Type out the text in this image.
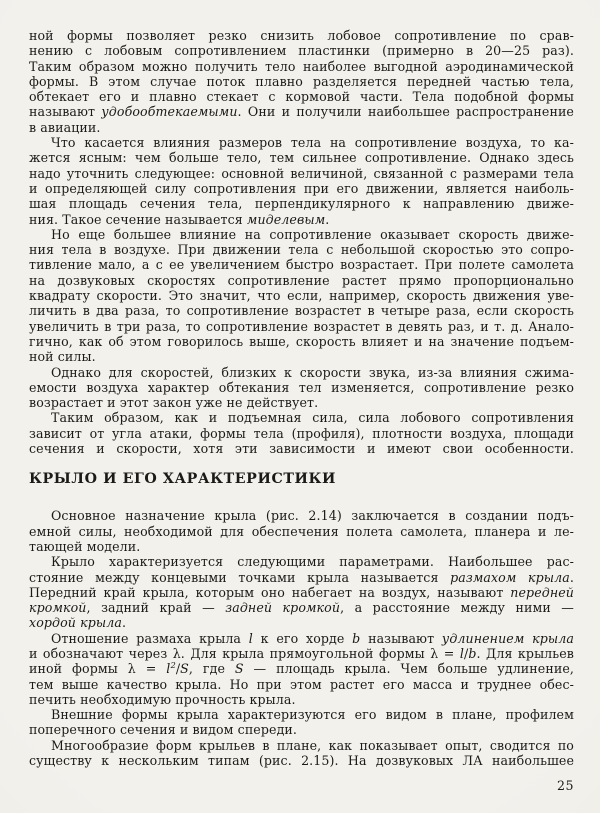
ной формы позволяет резко снизить лобовое сопротивление по срав-
нению с лобовым сопротивлением пластинки (примерно в 20—25 раз).
Таким образом можно получить тело наиболее выгодной аэродинамической
формы. В этом случае поток плавно разделяется передней частью тела,
обтекает его и плавно стекает с кормовой части. Тела подобной формы
называют удобообтекаемыми. Они и получили наибольшее распространение
в авиации.
Что касается влияния размеров тела на сопротивление воздуха, то ка-
жется ясным: чем больше тело, тем сильнее сопротивление. Однако здесь
надо уточнить следующее: основной величиной, связанной с размерами тела
и определяющей силу сопротивления при его движении, является наиболь-
шая площадь сечения тела, перпендикулярного к направлению движе-
ния. Такое сечение называется миделевым.
Но еще большее влияние на сопротивление оказывает скорость движе-
ния тела в воздухе. При движении тела с небольшой скоростью это сопро-
тивление мало, а с ее увеличением быстро возрастает. При полете самолета
на дозвуковых скоростях сопротивление растет прямо пропорционально
квадрату скорости. Это значит, что если, например, скорость движения уве-
личить в два раза, то сопротивление возрастет в четыре раза, если скорость
увеличить в три раза, то сопротивление возрастет в девять раз, и т. д. Анало-
гично, как об этом говорилось выше, скорость влияет и на значение подъем-
ной силы.
Однако для скоростей, близких к скорости звука, из-за влияния сжима-
емости воздуха характер обтекания тел изменяется, сопротивление резко
возрастает и этот закон уже не действует.
Таким образом, как и подъемная сила, сила лобового сопротивления
зависит от угла атаки, формы тела (профиля), плотности воздуха, площади
сечения и скорости, хотя эти зависимости и имеют свои особенности.
КРЫЛО И ЕГО ХАРАКТЕРИСТИКИ
Основное назначение крыла (рис. 2.14) заключается в создании подъ-
емной силы, необходимой для обеспечения полета самолета, планера и ле-
тающей модели.
Крыло характеризуется следующими параметрами. Наибольшее рас-
стояние между концевыми точками крыла называется размахом крыла.
Передний край крыла, которым оно набегает на воздух, называют передней
кромкой, задний край — задней кромкой, а расстояние между ними —
хордой крыла.
Отношение размаха крыла l к его хорде b называют удлинением крыла
и обозначают через λ. Для крыла прямоугольной формы λ = l/b. Для крыльев
иной формы $\lambda = l^2/S$, где S — площадь крыла. Чем больше удлинение,
тем выше качество крыла. Но при этом растет его масса и труднее обес-
печить необходимую прочность крыла.
Внешние формы крыла характеризуются его видом в плане, профилем
поперечного сечения и видом спереди.
Многообразие форм крыльев в плане, как показывает опыт, сводится по
существу к нескольким типам (рис. 2.15). На дозвуковых ЛА наибольшее
25
